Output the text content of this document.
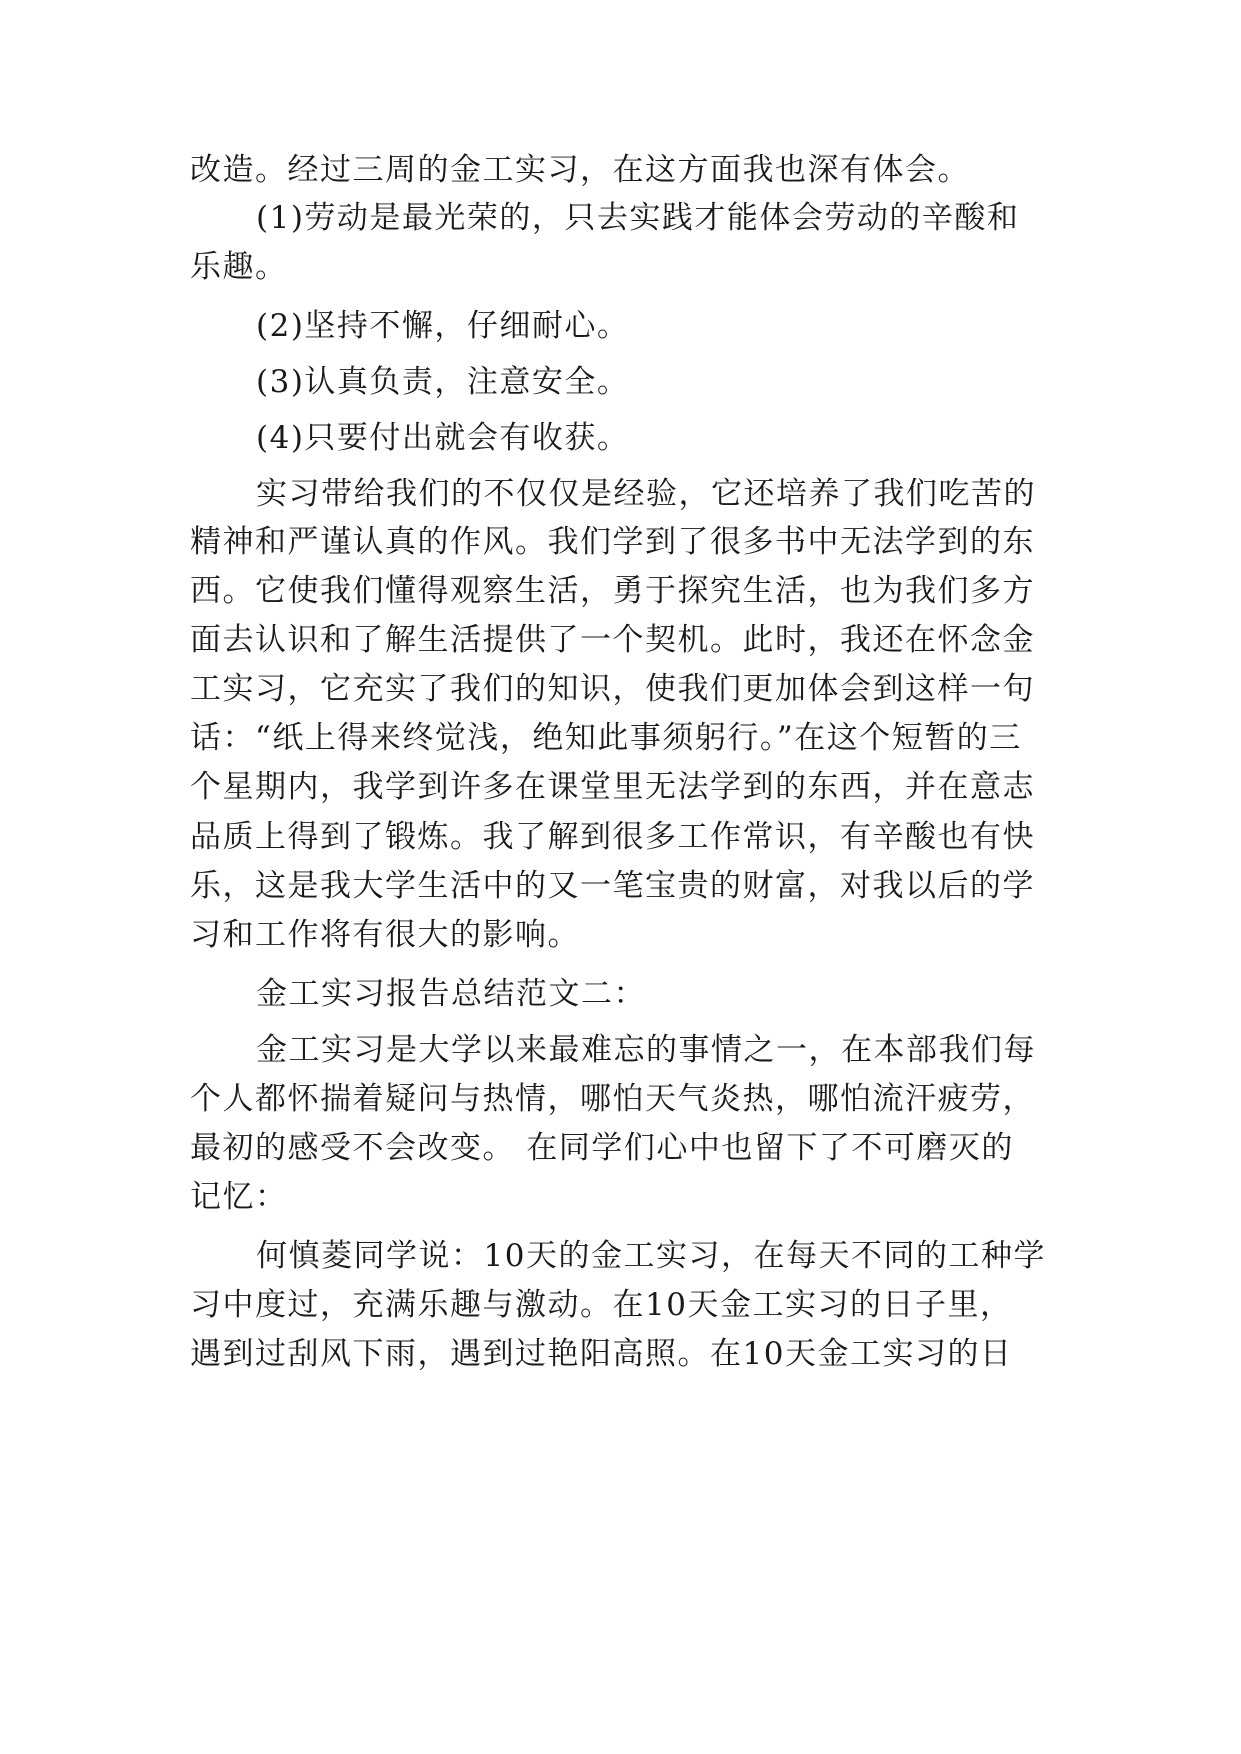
改造。经过三周的金工实习，在这方面我也深有体会。
(1)劳动是最光荣的，只去实践才能体会劳动的辛酸和
乐趣。
(2)坚持不懈，仔细耐心。
(3)认真负责，注意安全。
(4)只要付出就会有收获。
实习带给我们的不仅仅是经验，它还培养了我们吃苦的
精神和严谨认真的作风。我们学到了很多书中无法学到的东
西。它使我们懂得观察生活，勇于探究生活，也为我们多方
面去认识和了解生活提供了一个契机。此时，我还在怀念金
工实习，它充实了我们的知识，使我们更加体会到这样一句
话：“纸上得来终觉浅，绝知此事须躬行。”在这个短暂的三
个星期内，我学到许多在课堂里无法学到的东西，并在意志
品质上得到了锻炼。我了解到很多工作常识，有辛酸也有快
乐，这是我大学生活中的又一笔宝贵的财富，对我以后的学
习和工作将有很大的影响。
金工实习报告总结范文二：
金工实习是大学以来最难忘的事情之一，在本部我们每
个人都怀揣着疑问与热情，哪怕天气炎热，哪怕流汗疲劳，
最初的感受不会改变。 在同学们心中也留下了不可磨灭的
记忆：
何慎菱同学说：10天的金工实习，在每天不同的工种学
习中度过，充满乐趣与激动。在10天金工实习的日子里，
遇到过刮风下雨，遇到过艳阳高照。在10天金工实习的日
